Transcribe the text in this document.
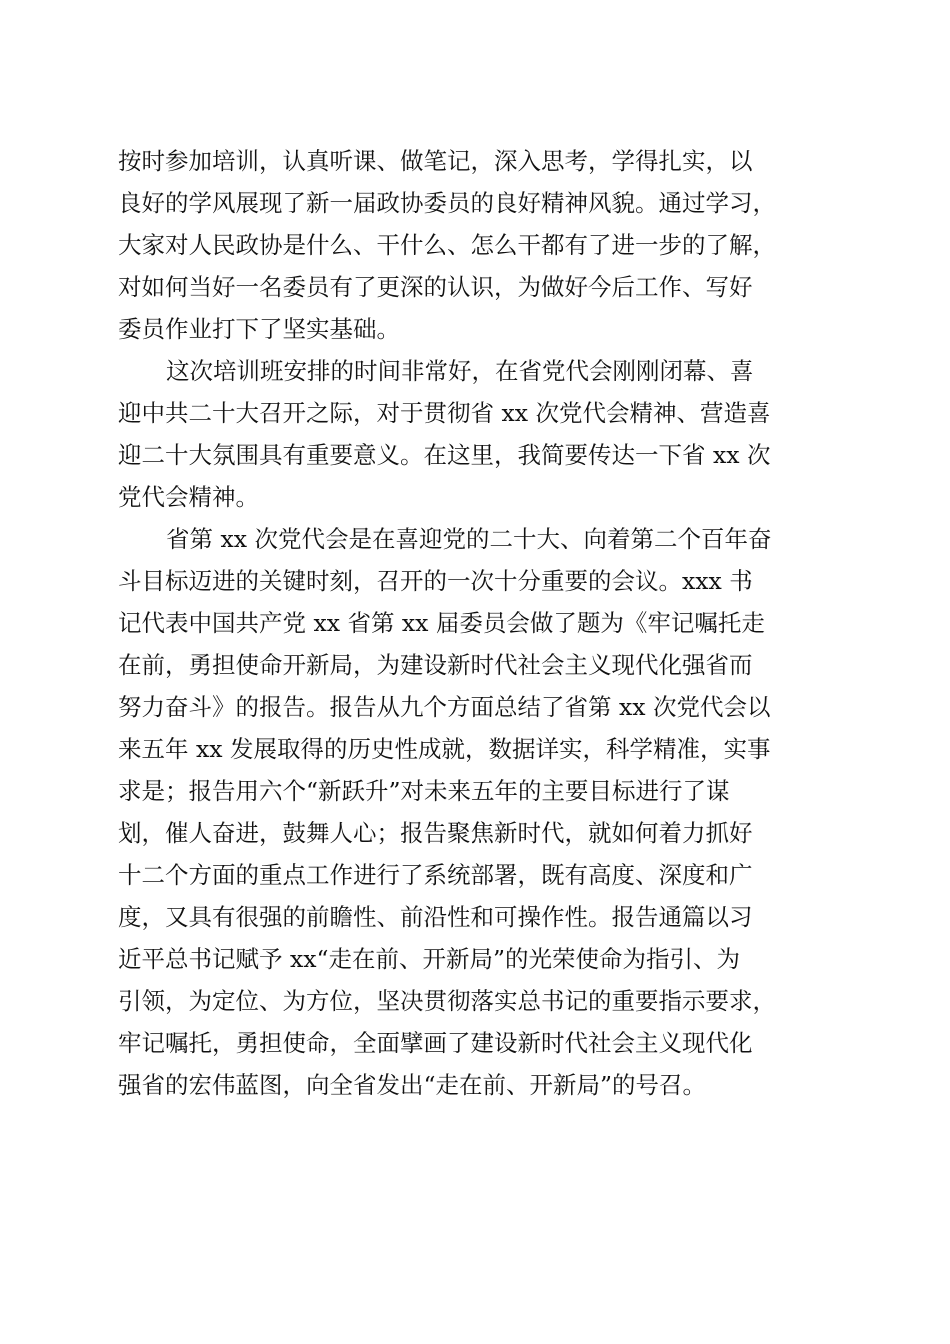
按时参加培训，认真听课、做笔记，深入思考，学得扎实，以
良好的学风展现了新一届政协委员的良好精神风貌。通过学习，
大家对人民政协是什么、干什么、怎么干都有了进一步的了解，
对如何当好一名委员有了更深的认识，为做好今后工作、写好
委员作业打下了坚实基础。
这次培训班安排的时间非常好，在省党代会刚刚闭幕、喜
迎中共二十大召开之际，对于贯彻省 xx 次党代会精神、营造喜
迎二十大氛围具有重要意义。在这里，我简要传达一下省 xx 次
党代会精神。
省第 xx 次党代会是在喜迎党的二十大、向着第二个百年奋
斗目标迈进的关键时刻，召开的一次十分重要的会议。xxx 书
记代表中国共产党 xx 省第 xx 届委员会做了题为《牢记嘱托走
在前，勇担使命开新局，为建设新时代社会主义现代化强省而
努力奋斗》的报告。报告从九个方面总结了省第 xx 次党代会以
来五年 xx 发展取得的历史性成就，数据详实，科学精准，实事
求是；报告用六个“新跃升”对未来五年的主要目标进行了谋
划，催人奋进，鼓舞人心；报告聚焦新时代，就如何着力抓好
十二个方面的重点工作进行了系统部署，既有高度、深度和广
度，又具有很强的前瞻性、前沿性和可操作性。报告通篇以习
近平总书记赋予 xx“走在前、开新局”的光荣使命为指引、为
引领，为定位、为方位，坚决贯彻落实总书记的重要指示要求，
牢记嘱托，勇担使命，全面擘画了建设新时代社会主义现代化
强省的宏伟蓝图，向全省发出“走在前、开新局”的号召。
